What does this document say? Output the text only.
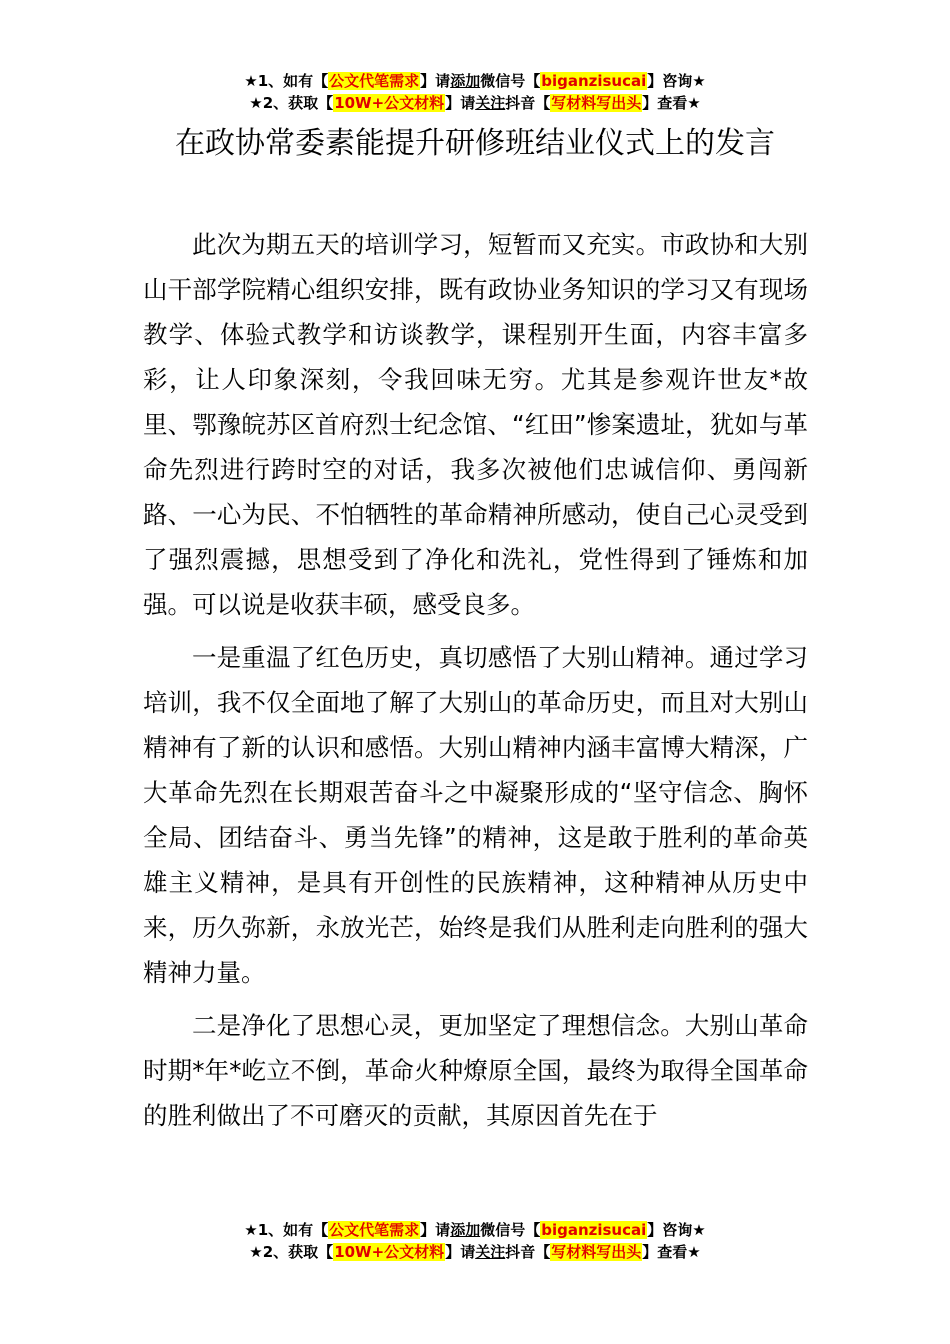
★1、如有【公文代笔需求】请添加微信号【biganzisucai】咨询★
★2、获取【10W+公文材料】请关注抖音【写材料写出头】查看★
在政协常委素能提升研修班结业仪式上的发言

此次为期五天的培训学习，短暂而又充实。市政协和大别山干部学院精心组织安排，既有政协业务知识的学习又有现场教学、体验式教学和访谈教学，课程别开生面，内容丰富多彩，让人印象深刻，令我回味无穷。尤其是参观许世友*故里、鄂豫皖苏区首府烈士纪念馆、“红田”惨案遗址，犹如与革命先烈进行跨时空的对话，我多次被他们忠诚信仰、勇闯新路、一心为民、不怕牺牲的革命精神所感动，使自己心灵受到了强烈震撼，思想受到了净化和洗礼，党性得到了锤炼和加强。可以说是收获丰硕，感受良多。

一是重温了红色历史，真切感悟了大别山精神。通过学习培训，我不仅全面地了解了大别山的革命历史，而且对大别山精神有了新的认识和感悟。大别山精神内涵丰富博大精深，广大革命先烈在长期艰苦奋斗之中凝聚形成的“坚守信念、胸怀全局、团结奋斗、勇当先锋”的精神，这是敢于胜利的革命英雄主义精神，是具有开创性的民族精神，这种精神从历史中来，历久弥新，永放光芒，始终是我们从胜利走向胜利的强大精神力量。

二是净化了思想心灵，更加坚定了理想信念。大别山革命时期*年*屹立不倒，革命火种燎原全国，最终为取得全国革命的胜利做出了不可磨灭的贡献，其原因首先在于

★1、如有【公文代笔需求】请添加微信号【biganzisucai】咨询★
★2、获取【10W+公文材料】请关注抖音【写材料写出头】查看★
